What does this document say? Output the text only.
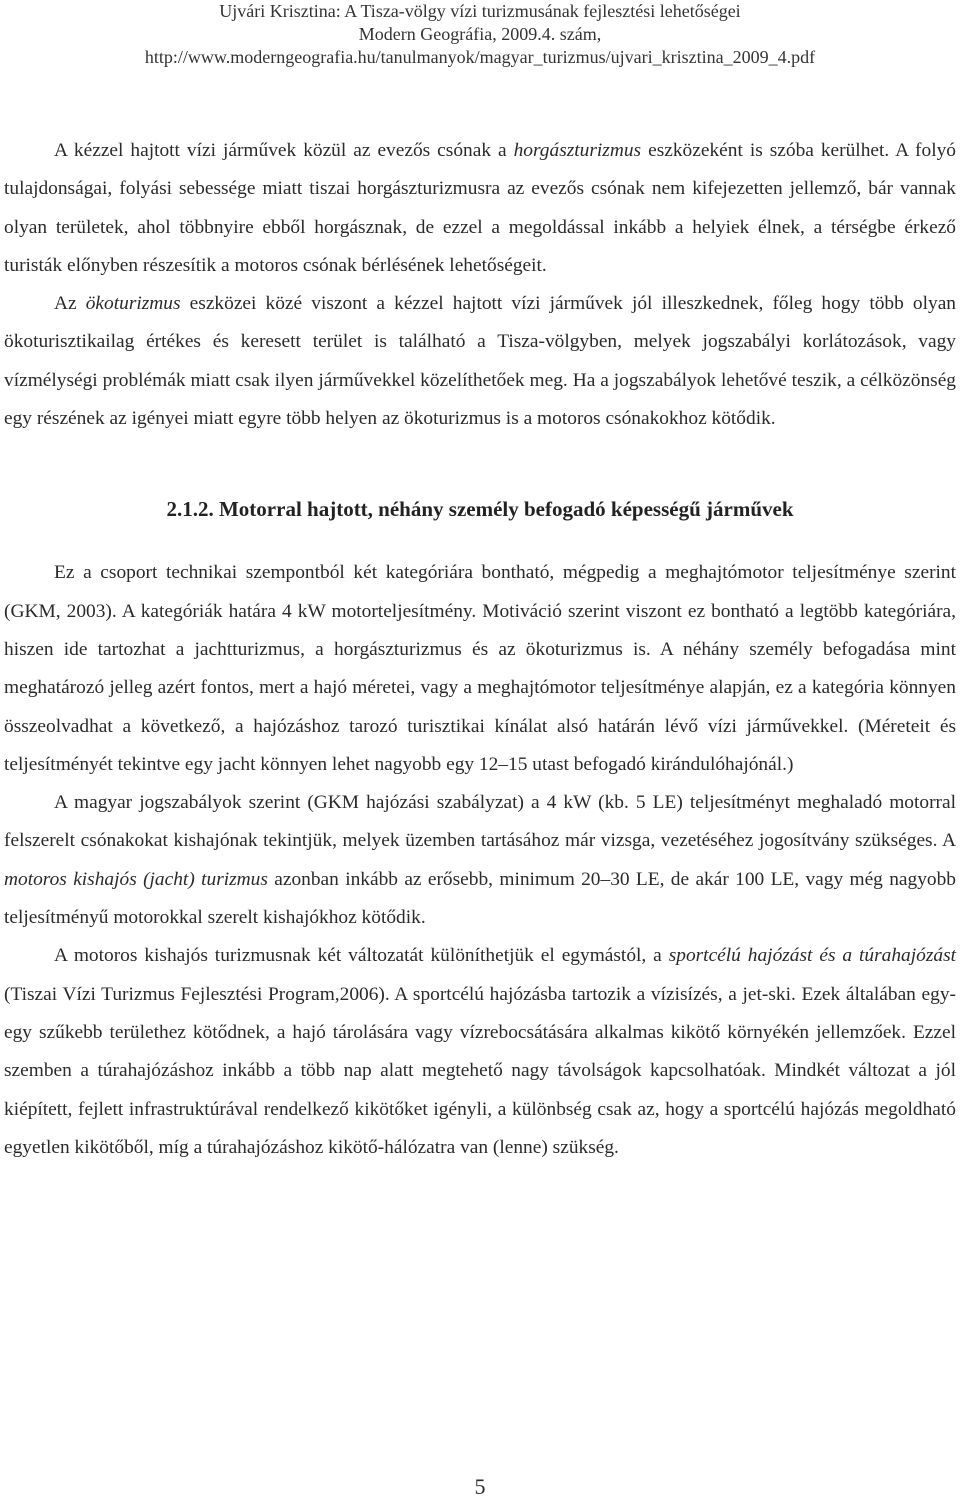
Ujvári Krisztina: A Tisza-völgy vízi turizmusának fejlesztési lehetőségei
Modern Geográfia, 2009.4. szám,
http://www.moderngeografia.hu/tanulmanyok/magyar_turizmus/ujvari_krisztina_2009_4.pdf

A kézzel hajtott vízi járművek közül az evezős csónak a horgászturizmus eszközeként is szóba kerülhet. A folyó tulajdonságai, folyási sebessége miatt tiszai horgászturizmusra az evezős csónak nem kifejezetten jellemző, bár vannak olyan területek, ahol többnyire ebből horgásznak, de ezzel a megoldással inkább a helyiek élnek, a térségbe érkező turisták előnyben részesítik a motoros csónak bérlésének lehetőségeit.

Az ökoturizmus eszközei közé viszont a kézzel hajtott vízi járművek jól illeszkednek, főleg hogy több olyan ökoturisztikailag értékes és keresett terület is található a Tisza-völgyben, melyek jogszabályi korlátozások, vagy vízmélységi problémák miatt csak ilyen járművekkel közelíthetőek meg. Ha a jogszabályok lehetővé teszik, a célközönség egy részének az igényei miatt egyre több helyen az ökoturizmus is a motoros csónakokhoz kötődik.

2.1.2. Motorral hajtott, néhány személy befogadó képességű járművek

Ez a csoport technikai szempontból két kategóriára bontható, mégpedig a meghajtómotor teljesítménye szerint (GKM, 2003). A kategóriák határa 4 kW motorteljesítmény. Motiváció szerint viszont ez bontható a legtöbb kategóriára, hiszen ide tartozhat a jachtturizmus, a horgászturizmus és az ökoturizmus is. A néhány személy befogadása mint meghatározó jelleg azért fontos, mert a hajó méretei, vagy a meghajtómotor teljesítménye alapján, ez a kategória könnyen összeolvadhat a következő, a hajózáshoz tarozó turisztikai kínálat alsó határán lévő vízi járművekkel. (Méreteit és teljesítményét tekintve egy jacht könnyen lehet nagyobb egy 12–15 utast befogadó kirándulóhajónál.)

A magyar jogszabályok szerint (GKM hajózási szabályzat) a 4 kW (kb. 5 LE) teljesítményt meghaladó motorral felszerelt csónakokat kishajónak tekintjük, melyek üzemben tartásához már vizsga, vezetéséhez jogosítvány szükséges. A motoros kishajós (jacht) turizmus azonban inkább az erősebb, minimum 20–30 LE, de akár 100 LE, vagy még nagyobb teljesítményű motorokkal szerelt kishajókhoz kötődik.

A motoros kishajós turizmusnak két változatát különíthetjük el egymástól, a sportcélú hajózást és a túrahajózást (Tiszai Vízi Turizmus Fejlesztési Program,2006). A sportcélú hajózásba tartozik a vízisízés, a jet-ski. Ezek általában egy-egy szűkebb területhez kötődnek, a hajó tárolására vagy vízrebocsátására alkalmas kikötő környékén jellemzőek. Ezzel szemben a túrahajózáshoz inkább a több nap alatt megtehető nagy távolságok kapcsolhatóak. Mindkét változat a jól kiépített, fejlett infrastruktúrával rendelkező kikötőket igényli, a különbség csak az, hogy a sportcélú hajózás megoldható egyetlen kikötőből, míg a túrahajózáshoz kikötő-hálózatra van (lenne) szükség.

5
